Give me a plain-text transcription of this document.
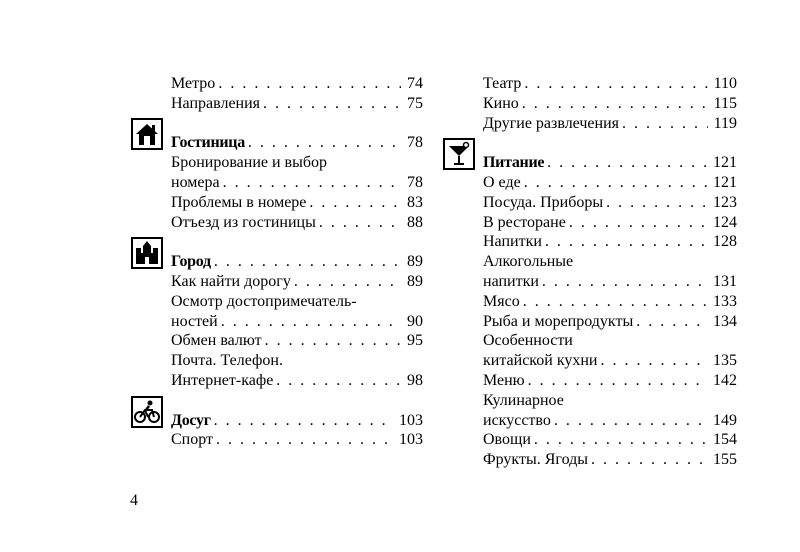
Метро . . .	74
Направления . . .	75
Гостиница . . .	78
Бронирование и выбор
номера . . .	78
Проблемы в номере . . .	83
Отъезд из гостиницы . . .	88
Город . . .	89
Как найти дорогу . . .	89
Осмотр достопримечатель-
ностей . . .	90
Обмен валют . . .	95
Почта. Телефон.
Интернет-кафе . . .	98
Досуг . . .	103
Спорт . . .	103
Театр . . .	110
Кино . . .	115
Другие развлечения . . .	119
Питание . . .	121
О еде . . .	121
Посуда. Приборы . . .	123
В ресторане . . .	124
Напитки . . .	128
Алкогольные
напитки . . .	131
Мясо . . .	133
Рыба и морепродукты . . .	134
Особенности
китайской кухни . . .	135
Меню . . .	142
Кулинарное
искусство . . .	149
Овощи . . .	154
Фрукты. Ягоды . . .	155
4
